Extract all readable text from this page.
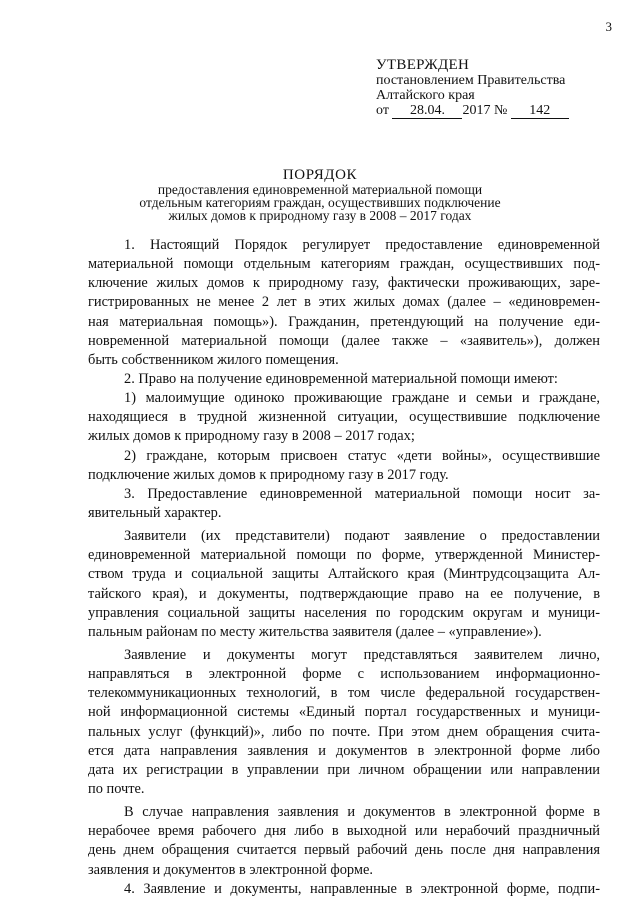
3
УТВЕРЖДЕН
постановлением Правительства
Алтайского края
от 28.04. 2017 № 142
ПОРЯДОК
предоставления единовременной материальной помощи
отдельным категориям граждан, осуществивших подключение
жилых домов к природному газу в 2008 – 2017 годах
1. Настоящий Порядок регулирует предоставление единовременной
материальной помощи отдельным категориям граждан, осуществивших под-
ключение жилых домов к природному газу, фактически проживающих, заре-
гистрированных не менее 2 лет в этих жилых домах (далее – «единовремен-
ная материальная помощь»). Гражданин, претендующий на получение еди-
новременной материальной помощи (далее также – «заявитель»), должен
быть собственником жилого помещения.
2. Право на получение единовременной материальной помощи имеют:
1) малоимущие одиноко проживающие граждане и семьи и граждане,
находящиеся в трудной жизненной ситуации, осуществившие подключение
жилых домов к природному газу в 2008 – 2017 годах;
2) граждане, которым присвоен статус «дети войны», осуществившие
подключение жилых домов к природному газу в 2017 году.
3. Предоставление единовременной материальной помощи носит за-
явительный характер.
Заявители (их представители) подают заявление о предоставлении
единовременной материальной помощи по форме, утвержденной Министер-
ством труда и социальной защиты Алтайского края (Минтрудсоцзащита Ал-
тайского края), и документы, подтверждающие право на ее получение, в
управления социальной защиты населения по городским округам и муници-
пальным районам по месту жительства заявителя (далее – «управление»).
Заявление и документы могут представляться заявителем лично,
направляться в электронной форме с использованием информационно-
телекоммуникационных технологий, в том числе федеральной государствен-
ной информационной системы «Единый портал государственных и муници-
пальных услуг (функций)», либо по почте. При этом днем обращения счита-
ется дата направления заявления и документов в электронной форме либо
дата их регистрации в управлении при личном обращении или направлении
по почте.
В случае направления заявления и документов в электронной форме в
нерабочее время рабочего дня либо в выходной или нерабочий праздничный
день днем обращения считается первый рабочий день после дня направления
заявления и документов в электронной форме.
4. Заявление и документы, направленные в электронной форме, подпи-
